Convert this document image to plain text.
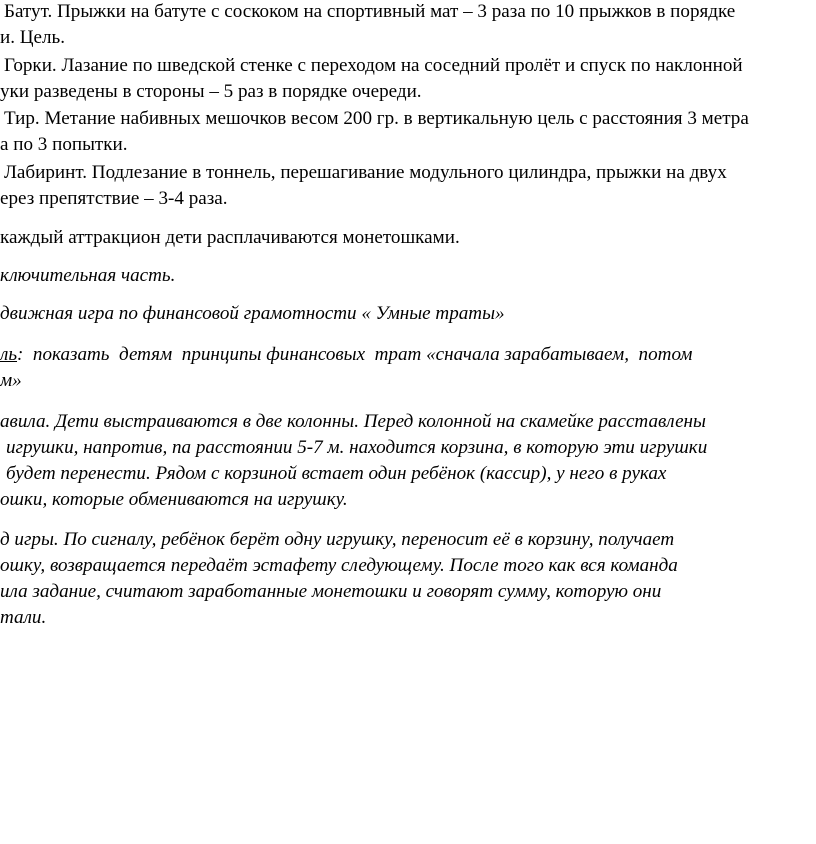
Батут. Прыжки на батуте с соскоком на спортивный мат – 3 раза по 10 прыжков в порядке
и. Цель.
Горки. Лазание по шведской стенке с переходом на соседний пролёт и спуск по наклонной
уки разведены в стороны – 5 раз в порядке очереди.
Тир. Метание набивных мешочков весом 200 гр. в вертикальную цель с расстояния 3 метра
а по 3 попытки.
Лабиринт. Подлезание в тоннель, перешагивание модульного цилиндра, прыжки на двух
ерез препятствие – 3-4 раза.
каждый аттракцион дети расплачиваются монетошками.
ключительная часть.
движная игра по финансовой грамотности « Умные траты»
ль:  показать  детям  принципы финансовых  трат «сначала зарабатываем,  потом
м»
авила. Дети выстраиваются в две колонны. Перед колонной на скамейке расставлены
игрушки, напротив, па расстоянии 5-7 м. находится корзина, в которую эти игрушки
будет перенести. Рядом с корзиной встает один ребёнок (кассир), у него в руках
ошки, которые обмениваются на игрушку.
д игры. По сигналу, ребёнок берёт одну игрушку, переносит её в корзину, получает
ошку, возвращается передаёт эстафету следующему. После того как вся команда
ила задание, считают заработанные монетошки и говорят сумму, которую они
тали.
